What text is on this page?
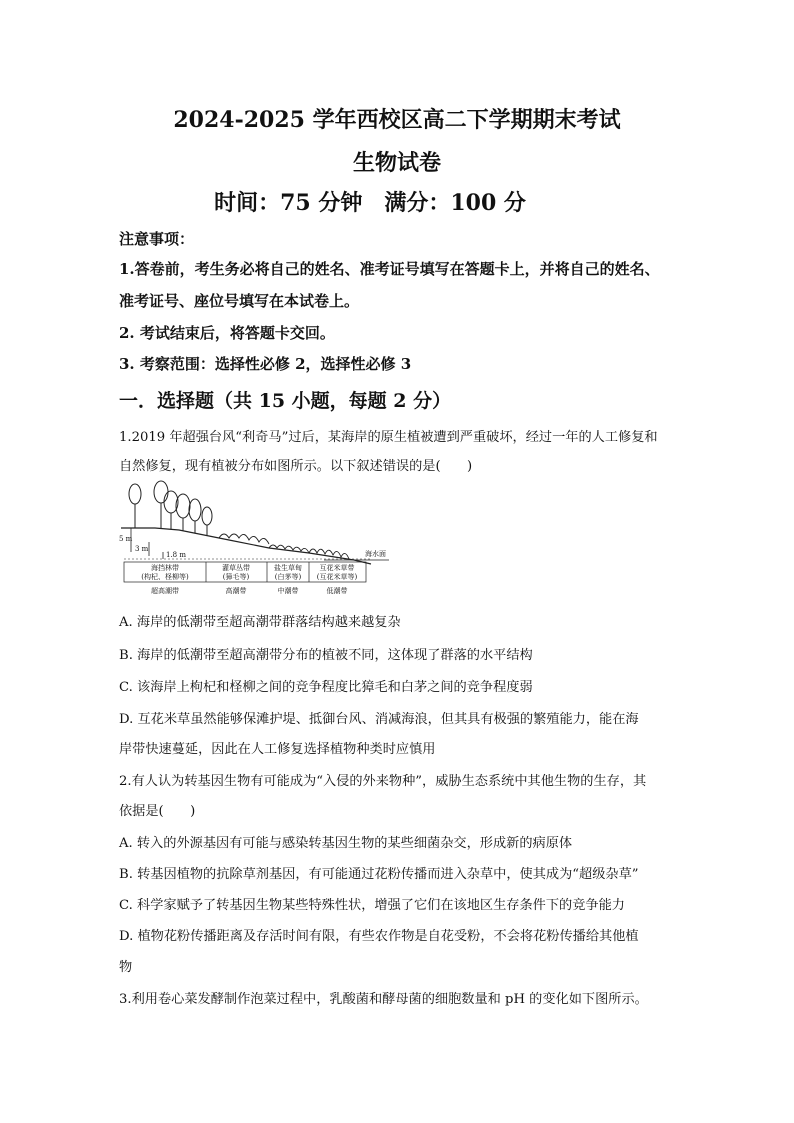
2024-2025 学年西校区高二下学期期末考试
生物试卷
时间：75 分钟　满分：100 分
注意事项：
1.答卷前，考生务必将自己的姓名、准考证号填写在答题卡上，并将自己的姓名、
准考证号、座位号填写在本试卷上。
2. 考试结束后，将答题卡交回。
3. 考察范围：选择性必修 2，选择性必修 3
一．选择题（共 15 小题，每题 2 分）
1.2019 年超强台风“利奇马”过后，某海岸的原生植被遭到严重破坏，经过一年的人工修复和
自然修复，现有植被分布如图所示。以下叙述错误的是(　　)
5 m
3 m
1.8 m	海水面
海挡林带
(构杞、柽柳等)
灌草丛带
(獐毛等)
盐生草甸
(白茅等)
互花米草带
(互花米草等)
超高潮带	高潮带	中潮带	低潮带
A. 海岸的低潮带至超高潮带群落结构越来越复杂
B. 海岸的低潮带至超高潮带分布的植被不同，这体现了群落的水平结构
C. 该海岸上枸杞和柽柳之间的竞争程度比獐毛和白茅之间的竞争程度弱
D. 互花米草虽然能够保滩护堤、抵御台风、消减海浪，但其具有极强的繁殖能力，能在海
岸带快速蔓延，因此在人工修复选择植物种类时应慎用
2.有人认为转基因生物有可能成为“入侵的外来物种”，威胁生态系统中其他生物的生存，其
依据是(　　)
A. 转入的外源基因有可能与感染转基因生物的某些细菌杂交，形成新的病原体
B. 转基因植物的抗除草剂基因，有可能通过花粉传播而进入杂草中，使其成为“超级杂草”
C. 科学家赋予了转基因生物某些特殊性状，增强了它们在该地区生存条件下的竞争能力
D. 植物花粉传播距离及存活时间有限，有些农作物是自花受粉，不会将花粉传播给其他植
物
3.利用卷心菜发酵制作泡菜过程中，乳酸菌和酵母菌的细胞数量和 pH 的变化如下图所示。
